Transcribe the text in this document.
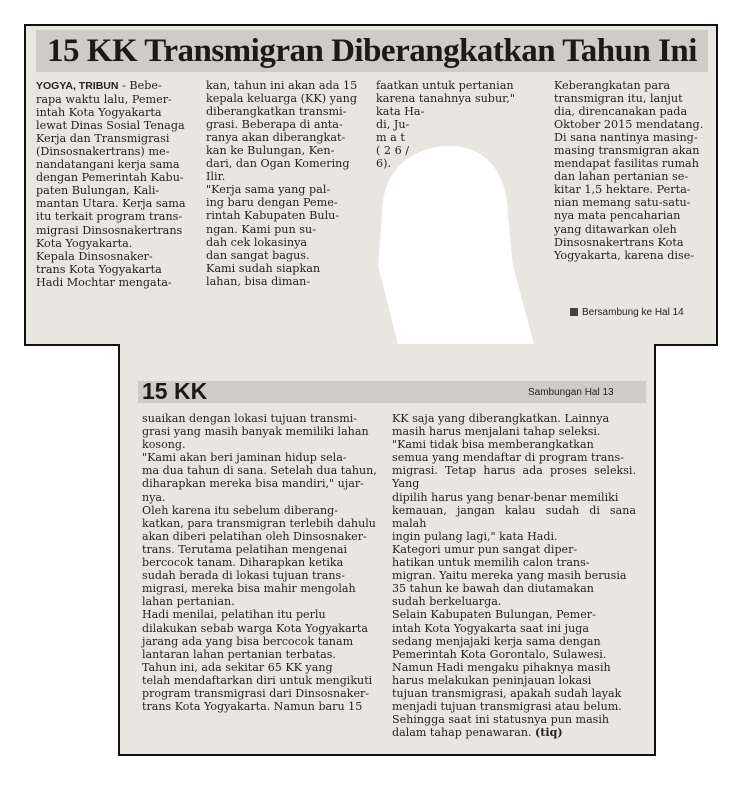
15 KK Transmigran Diberangkatkan Tahun Ini
YOGYA, TRIBUN - Bebe-
rapa waktu lalu, Pemer-
intah Kota Yogyakarta
lewat Dinas Sosial Tenaga
Kerja dan Transmigrasi
(Dinsosnakertrans) me-
nandatangani kerja sama
dengan Pemerintah Kabu-
paten Bulungan, Kali-
mantan Utara. Kerja sama
itu terkait program trans-
migrasi Dinsosnakertrans
Kota Yogyakarta.
Kepala Dinsosnaker-
trans Kota Yogyakarta
Hadi Mochtar mengata-
kan, tahun ini akan ada 15
kepala keluarga (KK) yang
diberangkatkan transmi-
grasi. Beberapa di anta-
ranya akan diberangkat-
kan ke Bulungan, Ken-
dari, dan Ogan Komering
Ilir.
"Kerja sama yang pal-
ing baru dengan Peme-
rintah Kabupaten Bulu-
ngan. Kami pun su-
dah cek lokasinya
dan sangat bagus.
Kami sudah siapkan
lahan, bisa diman-
faatkan untuk pertanian
karena tanahnya subur,"
kata Ha-
di, Ju-
m a t
( 2 6 /
6).
Keberangkatan para
transmigran itu, lanjut
dia, direncanakan pada
Oktober 2015 mendatang.
Di sana nantinya masing-
masing transmigran akan
mendapat fasilitas rumah
dan lahan pertanian se-
kitar 1,5 hektare. Perta-
nian memang satu-satu-
nya mata pencaharian
yang ditawarkan oleh
Dinsosnakertrans Kota
Yogyakarta, karena dise-
Bersambung ke Hal 14
15 KK	Sambungan Hal 13
suaikan dengan lokasi tujuan transmi-
grasi yang masih banyak memiliki lahan
kosong.
"Kami akan beri jaminan hidup sela-
ma dua tahun di sana. Setelah dua tahun,
diharapkan mereka bisa mandiri," ujar-
nya.
Oleh karena itu sebelum diberang-
katkan, para transmigran terlebih dahulu
akan diberi pelatihan oleh Dinsosnaker-
trans. Terutama pelatihan mengenai
bercocok tanam. Diharapkan ketika
sudah berada di lokasi tujuan trans-
migrasi, mereka bisa mahir mengolah
lahan pertanian.
Hadi menilai, pelatihan itu perlu
dilakukan sebab warga Kota Yogyakarta
jarang ada yang bisa bercocok tanam
lantaran lahan pertanian terbatas.
Tahun ini, ada sekitar 65 KK yang
telah mendaftarkan diri untuk mengikuti
program transmigrasi dari Dinsosnaker-
trans Kota Yogyakarta. Namun baru 15
KK saja yang diberangkatkan. Lainnya
masih harus menjalani tahap seleksi.
"Kami tidak bisa memberangkatkan
semua yang mendaftar di program trans-
migrasi. Tetap harus ada proses seleksi. Yang
dipilih harus yang benar-benar memiliki
kemauan, jangan kalau sudah di sana malah
ingin pulang lagi," kata Hadi.
Kategori umur pun sangat diper-
hatikan untuk memilih calon trans-
migran. Yaitu mereka yang masih berusia
35 tahun ke bawah dan diutamakan
sudah berkeluarga.
Selain Kabupaten Bulungan, Pemer-
intah Kota Yogyakarta saat ini juga
sedang menjajaki kerja sama dengan
Pemerintah Kota Gorontalo, Sulawesi.
Namun Hadi mengaku pihaknya masih
harus melakukan peninjauan lokasi
tujuan transmigrasi, apakah sudah layak
menjadi tujuan transmigrasi atau belum.
Sehingga saat ini statusnya pun masih
dalam tahap penawaran. (tiq)
